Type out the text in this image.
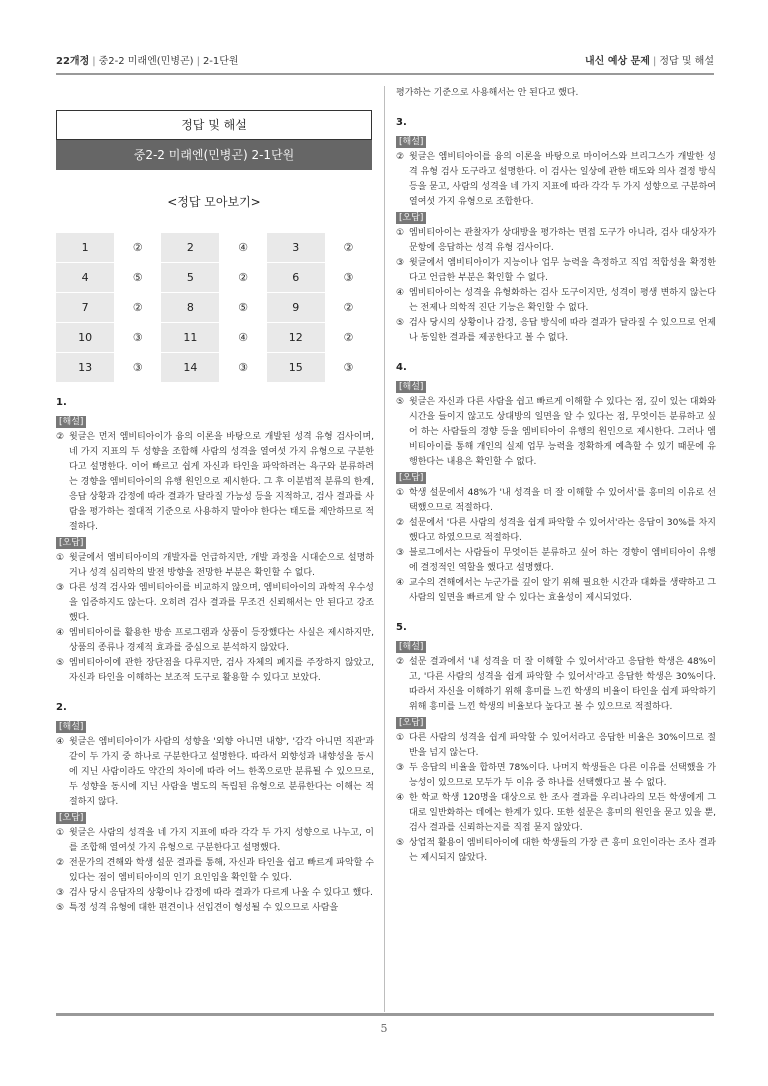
22개정 | 중2-2 미래엔(민병곤) | 2-1단원	내신 예상 문제 | 정답 및 해설
정답 및 해설
중2-2 미래엔(민병곤) 2-1단원
<정답 모아보기>
1	②	2	④	3	②
4	⑤	5	②	6	③
7	②	8	⑤	9	②
10	③	11	④	12	②
13	③	14	③	15	③
1.
[해설]
② 윗글은 먼저 엠비티아이가 융의 이론을 바탕으로 개발된 성격 유형 검사이며, 네 가지 지표의 두 성향을 조합해 사람의 성격을 열여섯 가지 유형으로 구분한다고 설명한다. 이어 빠르고 쉽게 자신과 타인을 파악하려는 욕구와 분류하려는 경향을 엠비티아이의 유행 원인으로 제시한다. 그 후 이분법적 분류의 한계, 응답 상황과 감정에 따라 결과가 달라질 가능성 등을 지적하고, 검사 결과를 사람을 평가하는 절대적 기준으로 사용하지 말아야 한다는 태도를 제안하므로 적절하다.
[오답]
① 윗글에서 엠비티아이의 개발자를 언급하지만, 개발 과정을 시대순으로 설명하거나 성격 심리학의 발전 방향을 전망한 부분은 확인할 수 없다.
③ 다른 성격 검사와 엠비티아이를 비교하지 않으며, 엠비티아이의 과학적 우수성을 입증하지도 않는다. 오히려 검사 결과를 무조건 신뢰해서는 안 된다고 강조했다.
④ 엠비티아이를 활용한 방송 프로그램과 상품이 등장했다는 사실은 제시하지만, 상품의 종류나 경제적 효과를 중심으로 분석하지 않았다.
⑤ 엠비티아이에 관한 장단점을 다루지만, 검사 자체의 폐지를 주장하지 않았고, 자신과 타인을 이해하는 보조적 도구로 활용할 수 있다고 보았다.
2.
[해설]
④ 윗글은 엠비티아이가 사람의 성향을 '외향 아니면 내향', '감각 아니면 직관'과 같이 두 가지 중 하나로 구분한다고 설명한다. 따라서 외향성과 내향성을 동시에 지닌 사람이라도 약간의 차이에 따라 어느 한쪽으로만 분류될 수 있으므로, 두 성향을 동시에 지닌 사람을 별도의 독립된 유형으로 분류한다는 이해는 적절하지 않다.
[오답]
① 윗글은 사람의 성격을 네 가지 지표에 따라 각각 두 가지 성향으로 나누고, 이를 조합해 열여섯 가지 유형으로 구분한다고 설명했다.
② 전문가의 견해와 학생 설문 결과를 통해, 자신과 타인을 쉽고 빠르게 파악할 수 있다는 점이 엠비티아이의 인기 요인임을 확인할 수 있다.
③ 검사 당시 응답자의 상황이나 감정에 따라 결과가 다르게 나올 수 있다고 했다.
⑤ 특정 성격 유형에 대한 편견이나 선입견이 형성될 수 있으므로 사람을
평가하는 기준으로 사용해서는 안 된다고 했다.
3.
[해설]
② 윗글은 엠비티아이를 융의 이론을 바탕으로 마이어스와 브리그스가 개발한 성격 유형 검사 도구라고 설명한다. 이 검사는 일상에 관한 태도와 의사 결정 방식 등을 묻고, 사람의 성격을 네 가지 지표에 따라 각각 두 가지 성향으로 구분하여 열여섯 가지 유형으로 조합한다.
[오답]
① 엠비티아이는 관찰자가 상대방을 평가하는 면접 도구가 아니라, 검사 대상자가 문항에 응답하는 성격 유형 검사이다.
③ 윗글에서 엠비티아이가 지능이나 업무 능력을 측정하고 직업 적합성을 확정한다고 언급한 부분은 확인할 수 없다.
④ 엠비티아이는 성격을 유형화하는 검사 도구이지만, 성격이 평생 변하지 않는다는 전제나 의학적 진단 기능은 확인할 수 없다.
⑤ 검사 당시의 상황이나 감정, 응답 방식에 따라 결과가 달라질 수 있으므로 언제나 동일한 결과를 제공한다고 볼 수 없다.
4.
[해설]
⑤ 윗글은 자신과 다른 사람을 쉽고 빠르게 이해할 수 있다는 점, 깊이 있는 대화와 시간을 들이지 않고도 상대방의 일면을 알 수 있다는 점, 무엇이든 분류하고 싶어 하는 사람들의 경향 등을 엠비티아이 유행의 원인으로 제시한다. 그러나 엠비티아이를 통해 개인의 실제 업무 능력을 정확하게 예측할 수 있기 때문에 유행한다는 내용은 확인할 수 없다.
[오답]
① 학생 설문에서 48%가 '내 성격을 더 잘 이해할 수 있어서'를 흥미의 이유로 선택했으므로 적절하다.
② 설문에서 '다른 사람의 성격을 쉽게 파악할 수 있어서'라는 응답이 30%를 차지했다고 하였으므로 적절하다.
③ 블로그에서는 사람들이 무엇이든 분류하고 싶어 하는 경향이 엠비티아이 유행에 결정적인 역할을 했다고 설명했다.
④ 교수의 견해에서는 누군가를 깊이 알기 위해 필요한 시간과 대화를 생략하고 그 사람의 일면을 빠르게 알 수 있다는 효율성이 제시되었다.
5.
[해설]
② 설문 결과에서 '내 성격을 더 잘 이해할 수 있어서'라고 응답한 학생은 48%이고, '다른 사람의 성격을 쉽게 파악할 수 있어서'라고 응답한 학생은 30%이다. 따라서 자신을 이해하기 위해 흥미를 느낀 학생의 비율이 타인을 쉽게 파악하기 위해 흥미를 느낀 학생의 비율보다 높다고 볼 수 있으므로 적절하다.
[오답]
① 다른 사람의 성격을 쉽게 파악할 수 있어서라고 응답한 비율은 30%이므로 절반을 넘지 않는다.
③ 두 응답의 비율을 합하면 78%이다. 나머지 학생들은 다른 이유를 선택했을 가능성이 있으므로 모두가 두 이유 중 하나를 선택했다고 볼 수 없다.
④ 한 학교 학생 120명을 대상으로 한 조사 결과를 우리나라의 모든 학생에게 그대로 일반화하는 데에는 한계가 있다. 또한 설문은 흥미의 원인을 묻고 있을 뿐, 검사 결과를 신뢰하는지를 직접 묻지 않았다.
⑤ 상업적 활용이 엠비티아이에 대한 학생들의 가장 큰 흥미 요인이라는 조사 결과는 제시되지 않았다.
5
